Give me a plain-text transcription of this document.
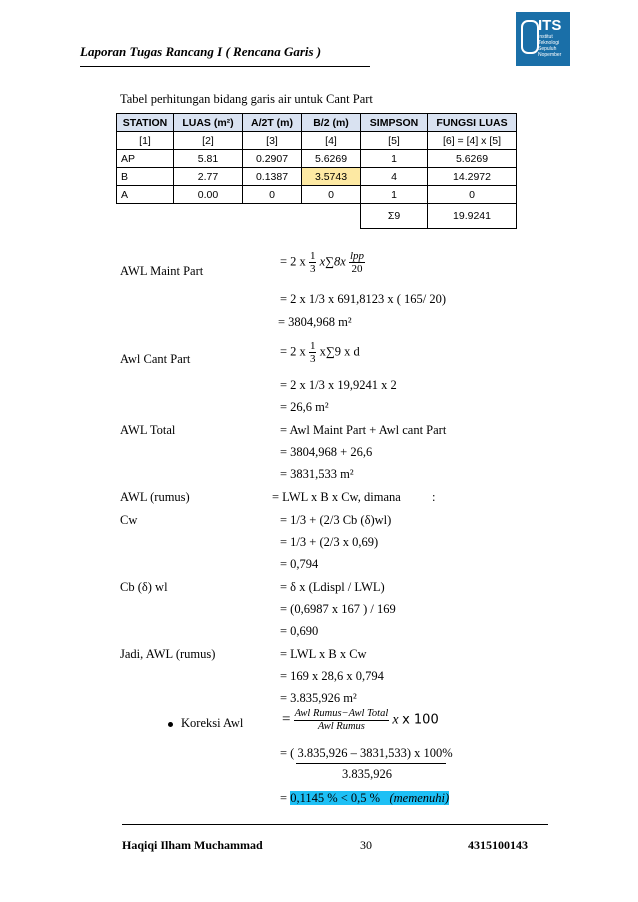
Laporan Tugas Rancang I ( Rencana Garis )
ITS
Institut Teknologi Sepuluh Nopember
Tabel perhitungan bidang garis air untuk Cant Part
STATION	LUAS (m²)	A/2T (m)	B/2 (m)	SIMPSON	FUNGSI LUAS
[1]	[2]	[3]	[4]	[5]	[6] = [4] x [5]
AP	5.81	0.2907	5.6269	1	5.6269
B	2.77	0.1387	3.5743	4	14.2972
A	0.00	0	0	1	0
				Σ9	19.9241
AWL Maint Part
= 2 x $\frac{1}{3} x\sum 8x \frac{\text{lpp}}{20}$
= 2 x 1/3 x 691,8123 x ( 165/ 20)
= 3804,968 m²
Awl Cant Part
= 2 x $\frac{1}{3} x\sum 9$ x d
= 2 x 1/3 x 19,9241 x 2
= 26,6 m²
AWL Total	= Awl Maint Part + Awl cant Part
= 3804,968 + 26,6
= 3831,533 m²
AWL (rumus)	= LWL x B x Cw, dimana :
Cw	= 1/3 + (2/3 Cb (δ)wl)
= 1/3 + (2/3 x 0,69)
= 0,794
Cb (δ) wl	= δ x (Ldispl / LWL)
= (0,6987 x 167 ) / 169
= 0,690
Jadi, AWL (rumus)	= LWL x B x Cw
= 169 x 28,6 x 0,794
= 3.835,926 m²
Koreksi Awl	= $\frac{\text{Awl Rumus−Awl Total}}{\text{Awl Rumus}}$ x x 100
= ( 3.835,926 – 3831,533) x 100%
3.835,926
= 0,1145 % < 0,5 % (memenuhi)
Haqiqi Ilham Muchammad	30	4315100143
